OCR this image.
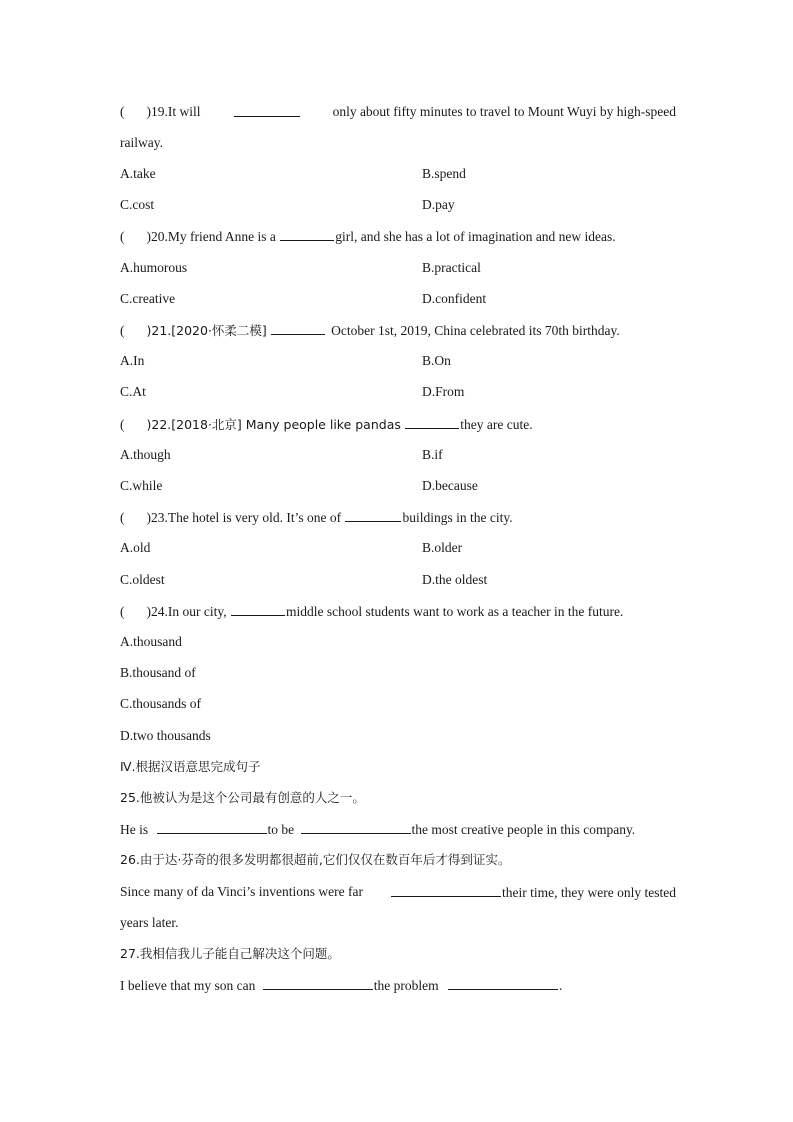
( )19.It will	only about fifty minutes to travel to Mount Wuyi by high-speed
railway.
A.take	B.spend
C.cost	D.pay
( )20.My friend Anne is a	girl, and she has a lot of imagination and new ideas.
A.humorous	B.practical
C.creative	D.confident
( )21.[2020·怀柔二模]	October 1st, 2019, China celebrated its 70th birthday.
A.In	B.On
C.At	D.From
( )22.[2018·北京] Many people like pandas	they are cute.
A.though	B.if
C.while	D.because
( )23.The hotel is very old. It’s one of	buildings in the city.
A.old	B.older
C.oldest	D.the oldest
( )24.In our city,	middle school students want to work as a teacher in the future.
A.thousand
B.thousand of
C.thousands of
D.two thousands
Ⅳ.根据汉语意思完成句子
25.他被认为是这个公司最有创意的人之一。
He is	to be	the most creative people in this company.
26.由于达·芬奇的很多发明都很超前,它们仅仅在数百年后才得到证实。
Since many of da Vinci’s inventions were far	their time, they were only tested
years later.
27.我相信我儿子能自己解决这个问题。
I believe that my son can	the problem	.
